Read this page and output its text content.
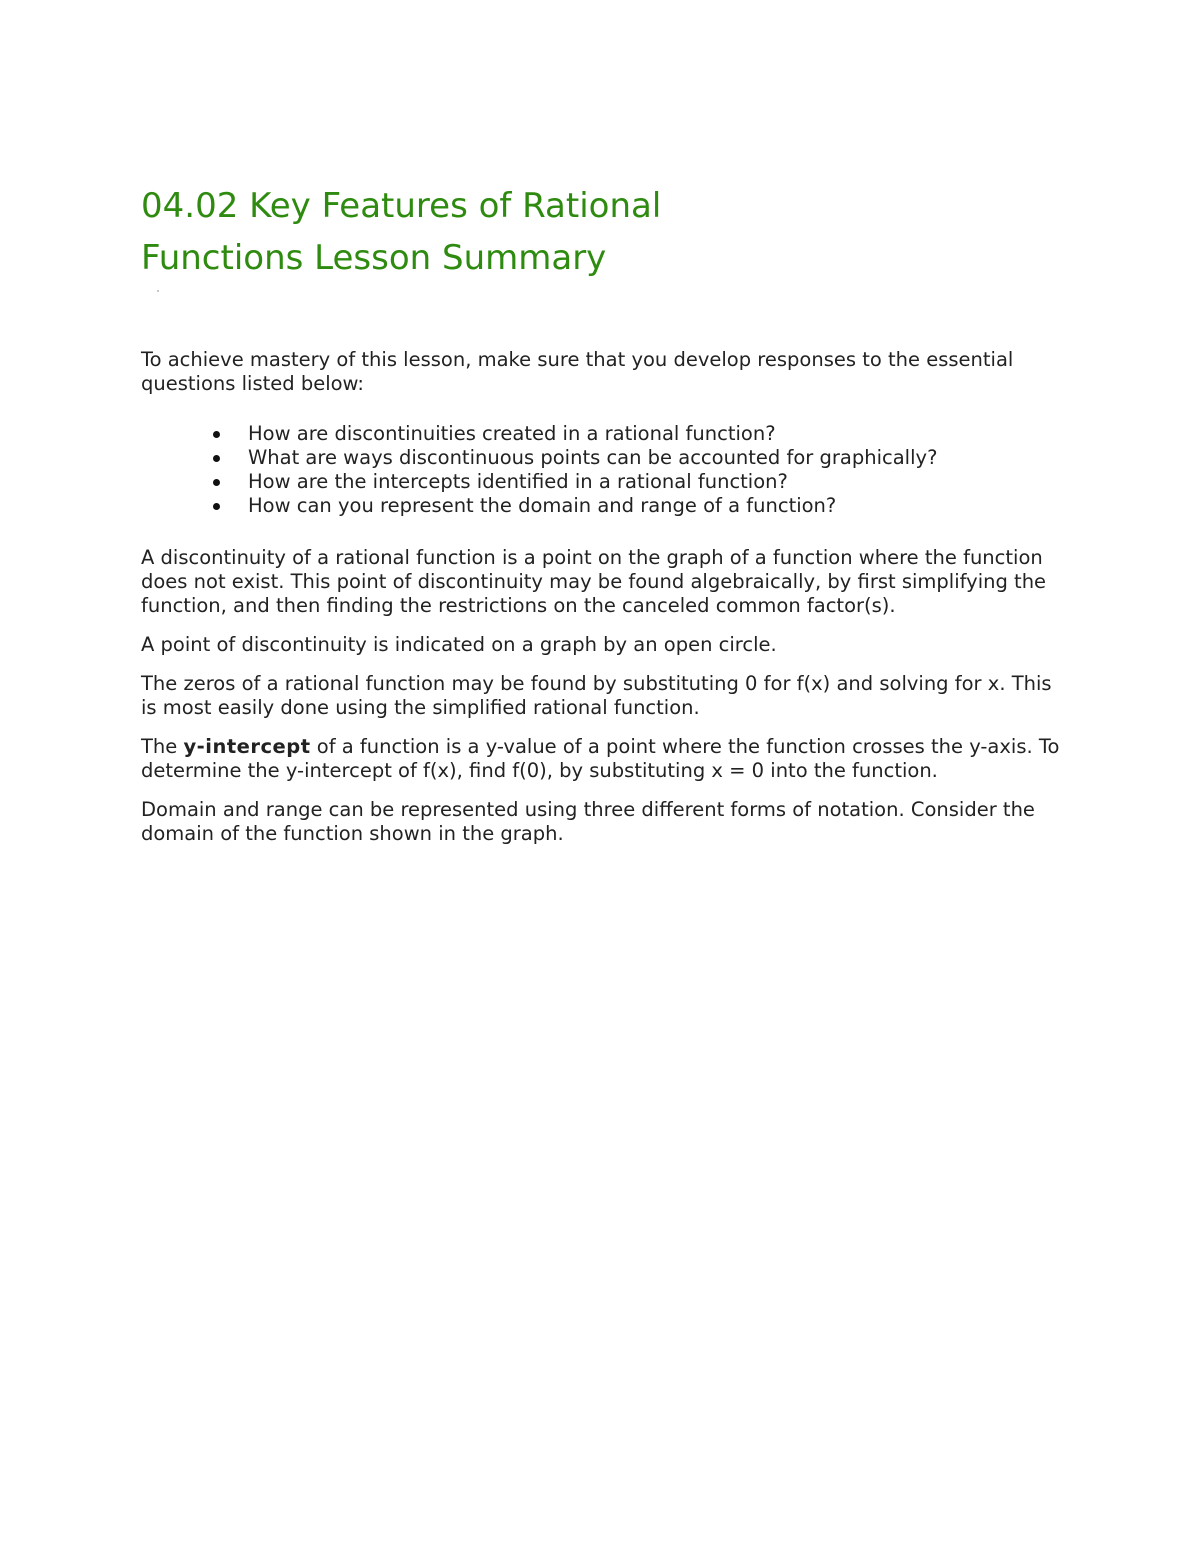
04.02 Key Features of Rational
Functions Lesson Summary

To achieve mastery of this lesson, make sure that you develop responses to the essential questions listed below:

How are discontinuities created in a rational function?
What are ways discontinuous points can be accounted for graphically?
How are the intercepts identified in a rational function?
How can you represent the domain and range of a function?

A discontinuity of a rational function is a point on the graph of a function where the function does not exist. This point of discontinuity may be found algebraically, by first simplifying the function, and then finding the restrictions on the canceled common factor(s).

A point of discontinuity is indicated on a graph by an open circle.

The zeros of a rational function may be found by substituting 0 for f(x) and solving for x. This is most easily done using the simplified rational function.

The y-intercept of a function is a y-value of a point where the function crosses the y-axis. To determine the y-intercept of f(x), find f(0), by substituting x = 0 into the function.

Domain and range can be represented using three different forms of notation. Consider the domain of the function shown in the graph.
